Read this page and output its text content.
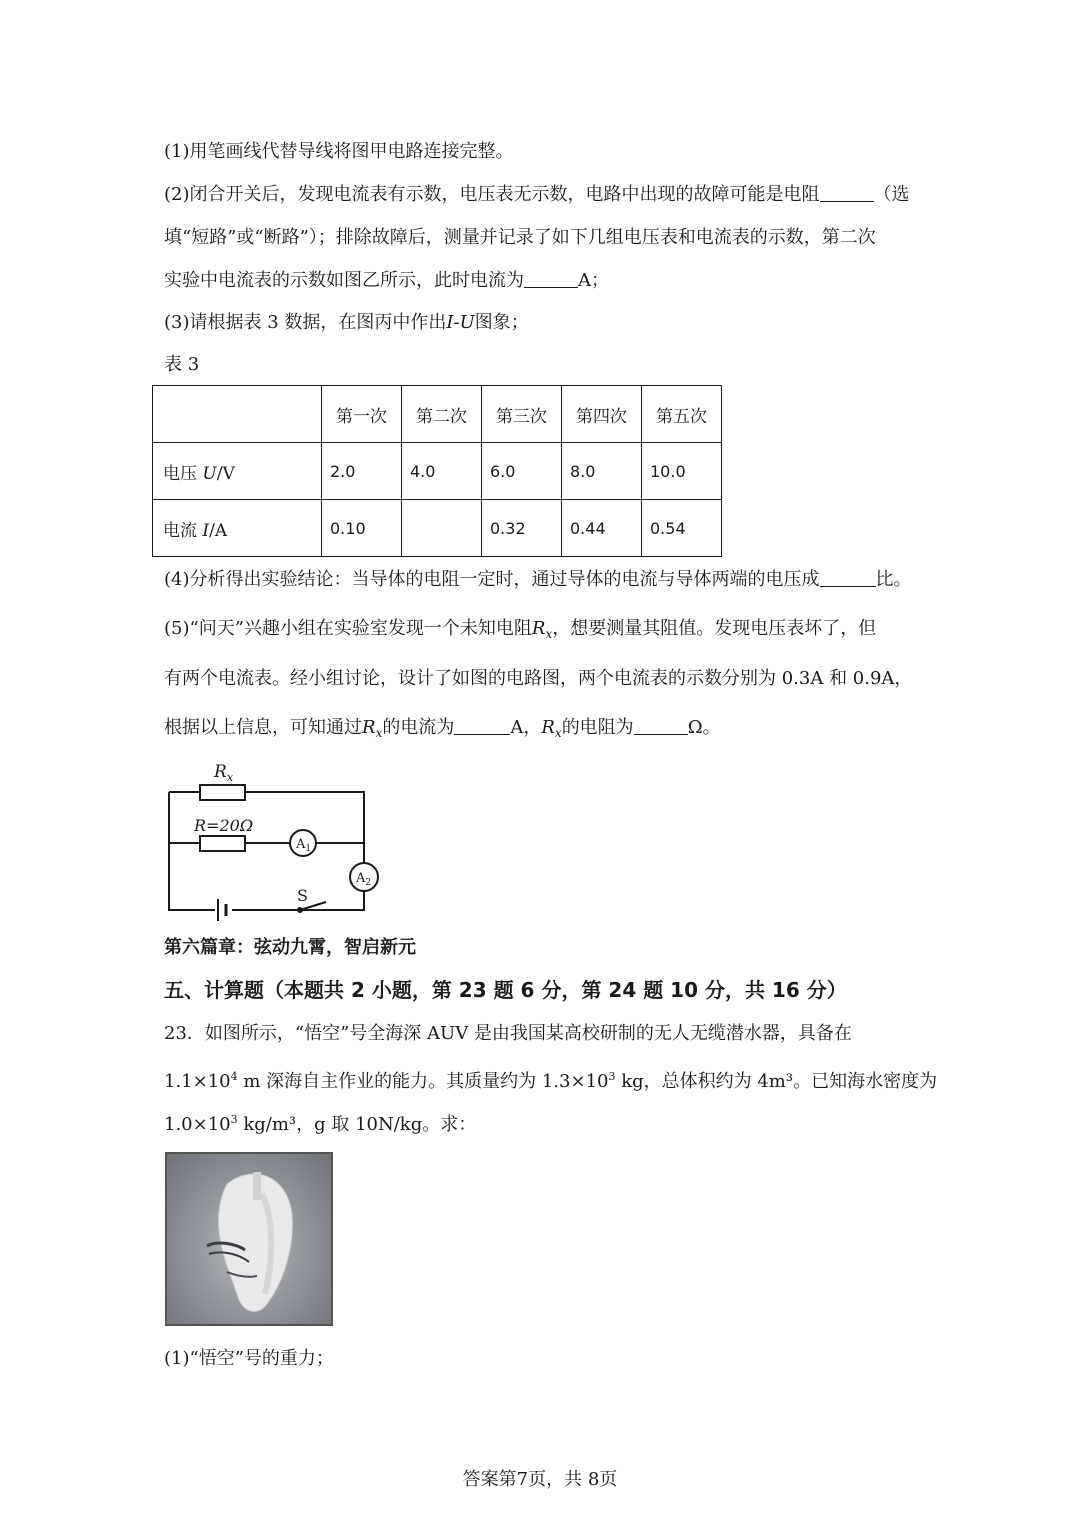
(1)用笔画线代替导线将图甲电路连接完整。
(2)闭合开关后，发现电流表有示数，电压表无示数，电路中出现的故障可能是电阻	（选
填“短路”或“断路”）；排除故障后，测量并记录了如下几组电压表和电流表的示数，第二次
实验中电流表的示数如图乙所示，此时电流为	A；
(3)请根据表 3 数据，在图丙中作出I-U图象；
表 3
	第一次	第二次	第三次	第四次	第五次
电压 U/V	2.0	4.0	6.0	8.0	10.0
电流 I/A	0.10		0.32	0.44	0.54
(4)分析得出实验结论：当导体的电阻一定时，通过导体的电流与导体两端的电压成	比。
(5)“问天”兴趣小组在实验室发现一个未知电阻$R_x$，想要测量其阻值。发现电压表坏了，但
有两个电流表。经小组讨论，设计了如图的电路图，两个电流表的示数分别为 0.3A 和 0.9A，
根据以上信息，可知通过$R_x$的电流为	A，$R_x$的电阻为	Ω。
$R_x$
R=20Ω
$A_1$
$A_2$
S
第六篇章：弦动九霄，智启新元
五、计算题（本题共 2 小题，第 23 题 6 分，第 24 题 10 分，共 16 分）
23．如图所示，“悟空”号全海深 AUV 是由我国某高校研制的无人无缆潜水器，具备在
$1.1\times 10^4$ m 深海自主作业的能力。其质量约为 $1.3\times 10^3$ kg，总体积约为 4m³。已知海水密度为
$1.0\times 10^3$ kg/m³，g 取 10N/kg。求：
(1)“悟空”号的重力；
答案第7页，共 8页
